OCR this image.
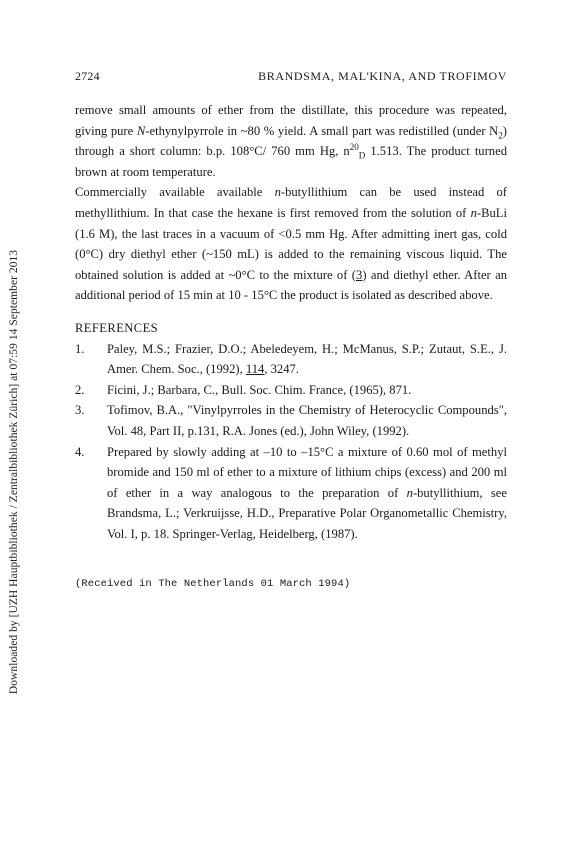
Downloaded by [UZH Hauptbibliothek / Zentralbibliothek Zürich] at 07:59 14 September 2013
2724	BRANDSMA, MAL'KINA, AND TROFIMOV

remove small amounts of ether from the distillate, this procedure was repeated, giving pure N-ethynylpyrrole in ~80 % yield. A small part was redistilled (under $N_2$) through a short column: b.p. 108°C/ 760 mm Hg, $n^{20}_D$ 1.513. The product turned brown at room temperature.

Commercially available available n-butyllithium can be used instead of methyllithium. In that case the hexane is first removed from the solution of n-BuLi (1.6 M), the last traces in a vacuum of <0.5 mm Hg. After admitting inert gas, cold (0°C) dry diethyl ether (~150 mL) is added to the remaining viscous liquid. The obtained solution is added at ~0°C to the mixture of (3) and diethyl ether. After an additional period of 15 min at 10 - 15°C the product is isolated as described above.

REFERENCES
1.	Paley, M.S.; Frazier, D.O.; Abeledeyem, H.; McManus, S.P.; Zutaut, S.E., J. Amer. Chem. Soc., (1992), 114, 3247.
2.	Ficini, J.; Barbara, C., Bull. Soc. Chim. France, (1965), 871.
3.	Tofimov, B.A., "Vinylpyrroles in the Chemistry of Heterocyclic Compounds", Vol. 48, Part II, p.131, R.A. Jones (ed.), John Wiley, (1992).
4.	Prepared by slowly adding at –10 to –15°C a mixture of 0.60 mol of methyl bromide and 150 ml of ether to a mixture of lithium chips (excess) and 200 ml of ether in a way analogous to the preparation of n-butyllithium, see Brandsma, L.; Verkruijsse, H.D., Preparative Polar Organometallic Chemistry, Vol. I, p. 18. Springer-Verlag, Heidelberg, (1987).
(Received in The Netherlands 01 March 1994)
